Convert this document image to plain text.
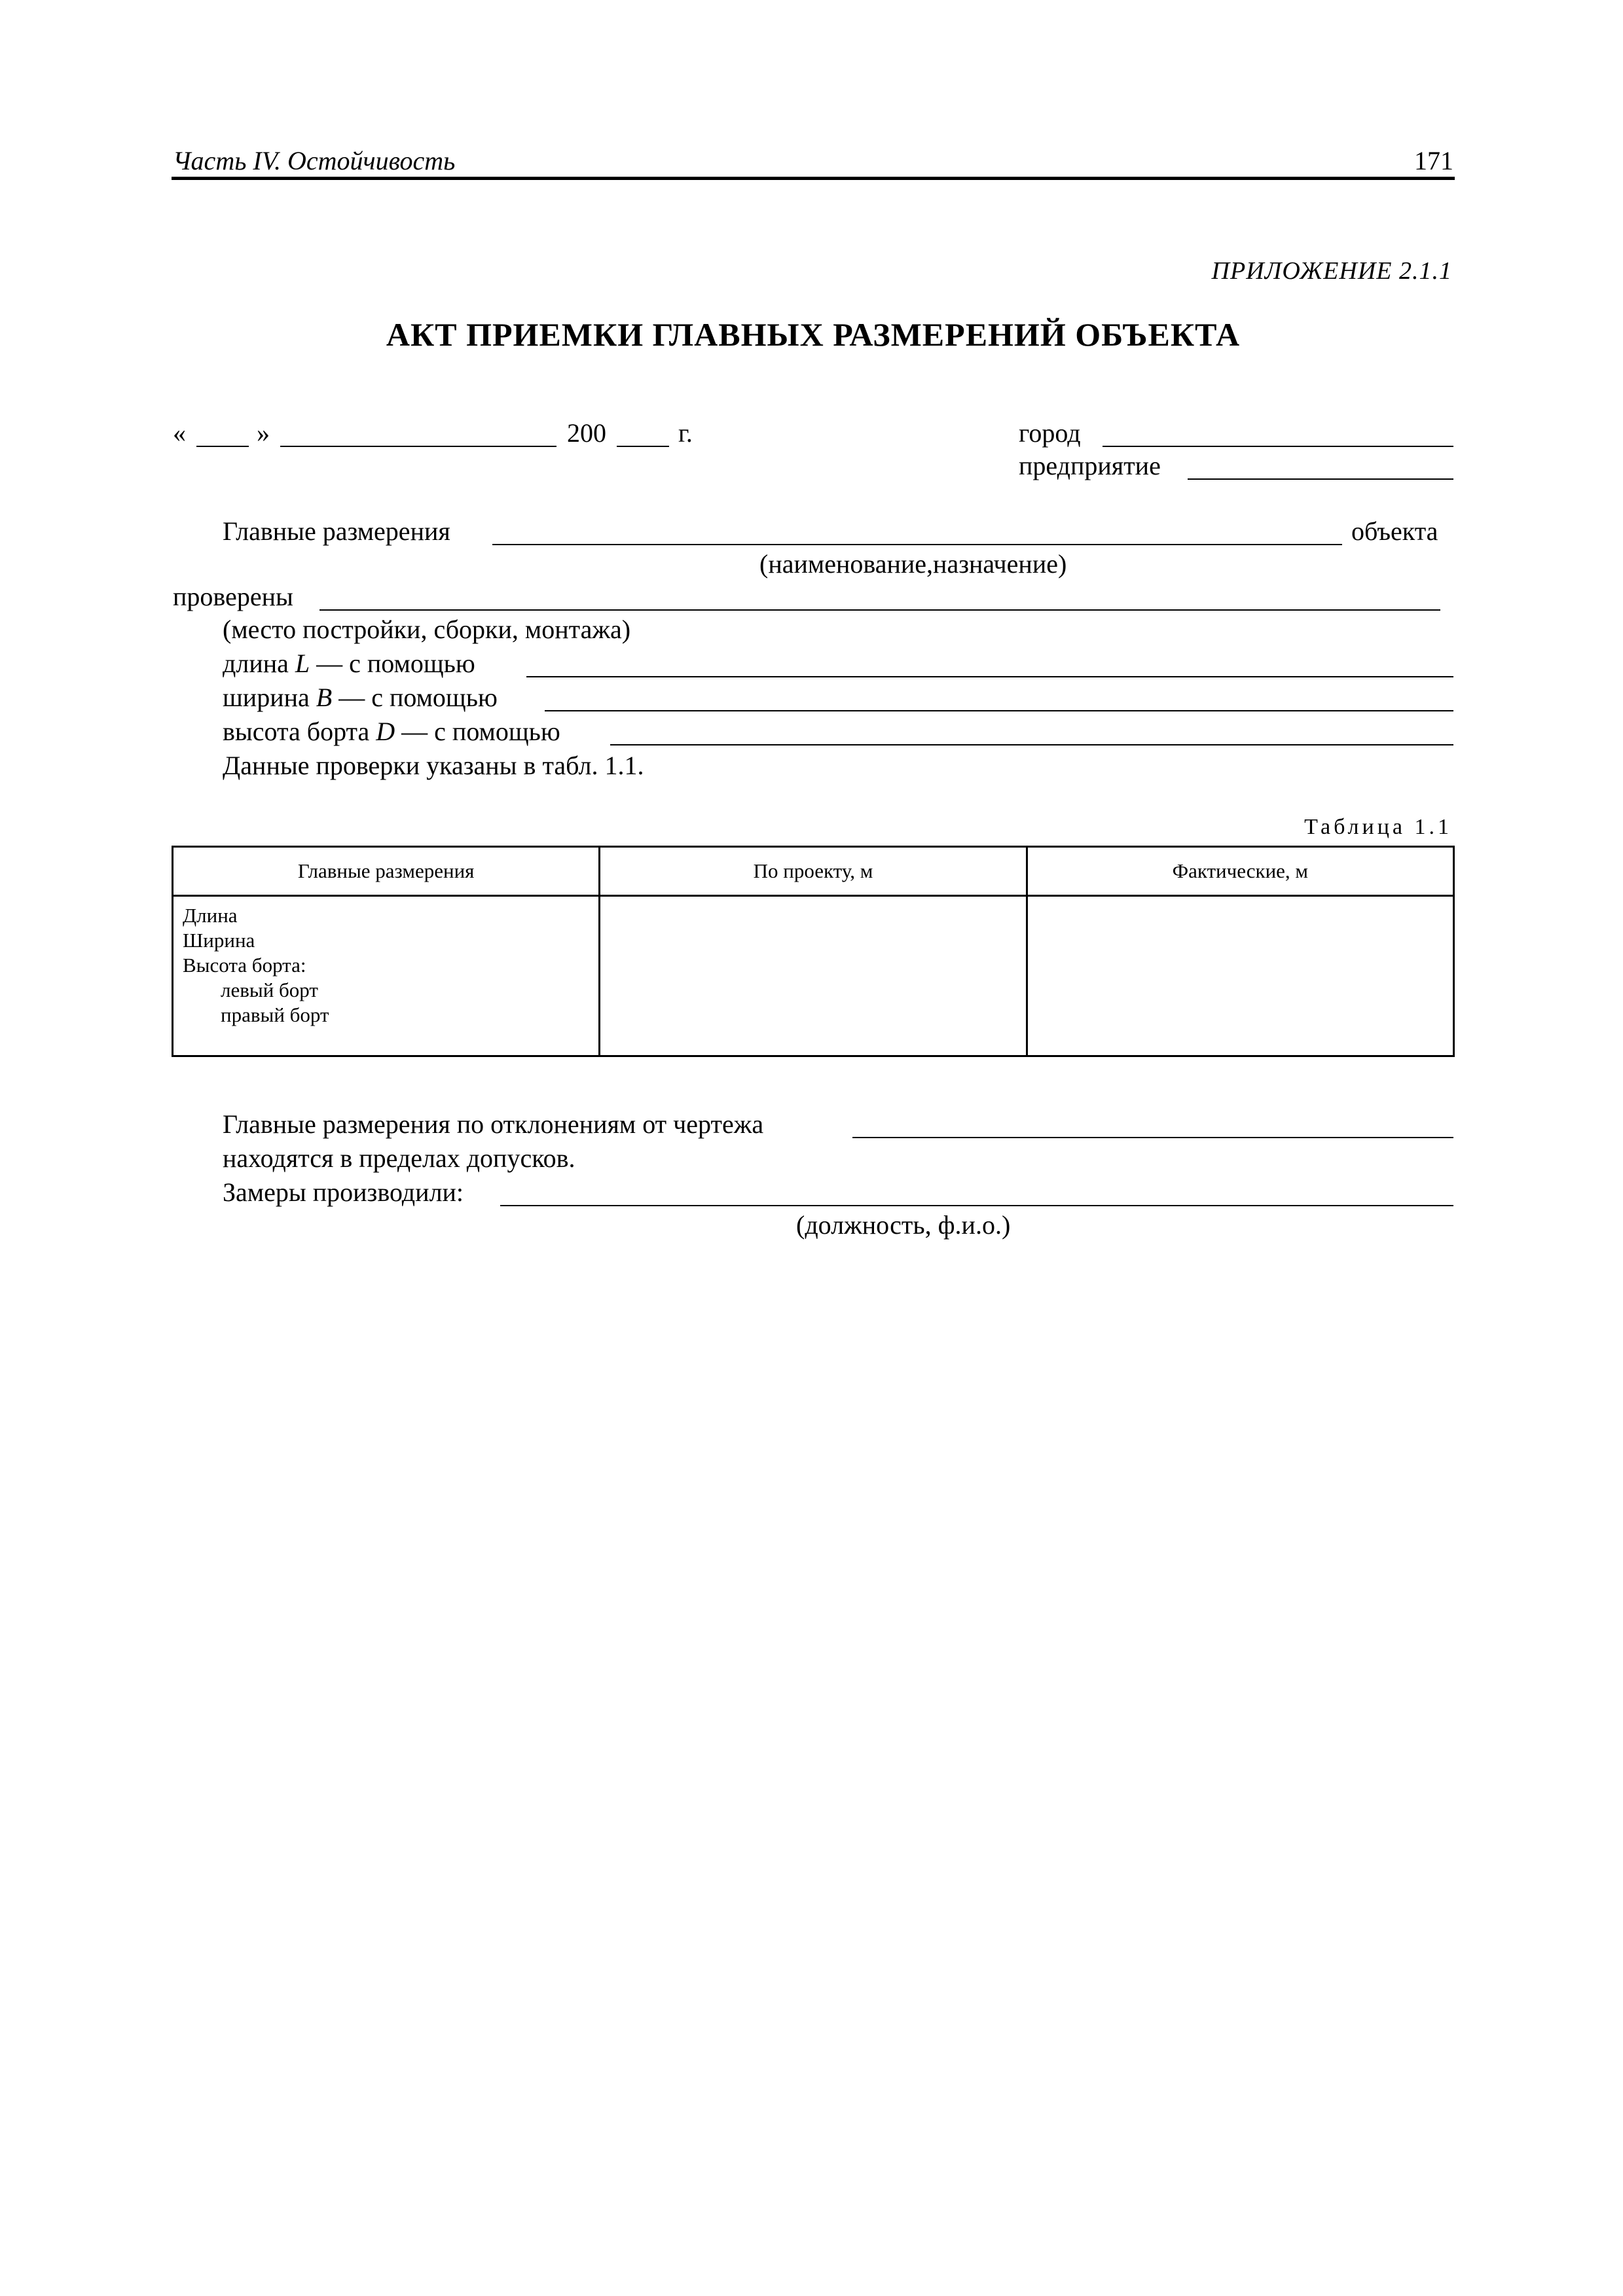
Часть IV. Остойчивость	171
ПРИЛОЖЕНИЕ 2.1.1
АКТ ПРИЕМКИ ГЛАВНЫХ РАЗМЕРЕНИЙ ОБЪЕКТА
«	»	200	г.	город
предприятие
Главные размерения	объекта
(наименование,назначение)
проверены
(место постройки, сборки, монтажа)
длина L — с помощью
ширина B — с помощью
высота борта D — с помощью
Данные проверки указаны в табл. 1.1.
Таблица 1.1
Главные размерения	По проекту, м	Фактические, м

Длина
Ширина
Высота борта:
левый борт
правый борт		

Главные размерения по отклонениям от чертежа
находятся в пределах допусков.
Замеры производили:
(должность, ф.и.о.)
